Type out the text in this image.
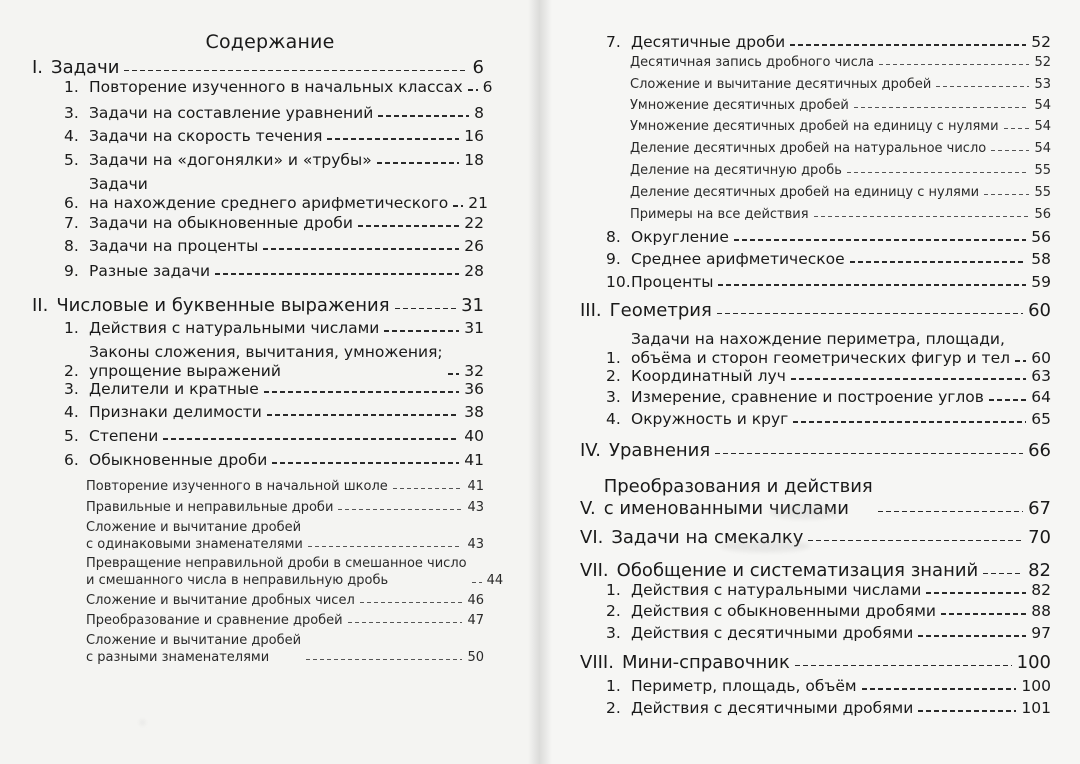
Содержание
I. Задачи	6
1. Повторение изученного в начальных классах 6
3. Задачи на составление уравнений	8
4. Задачи на скорость течения	16
5. Задачи на «догонялки» и «трубы»	18
6.
Задачи
на нахождение среднего арифметического 21
7. Задачи на обыкновенные дроби	22
8. Задачи на проценты	26
9. Разные задачи	28
II. Числовые и буквенные выражения	31
1. Действия с натуральными числами	31
2.
Законы сложения, вычитания, умножения;
упрощение выражений	32
3. Делители и кратные	36
4. Признаки делимости	38
5. Степени	40
6. Обыкновенные дроби	41
Повторение изученного в начальной школе	41
Правильные и неправильные дроби	43
Сложение и вычитание дробей
с одинаковыми знаменателями	43
Превращение неправильной дроби в смешанное число
и смешанного числа в неправильную дробь	44
Сложение и вычитание дробных чисел	46
Преобразование и сравнение дробей	47
Сложение и вычитание дробей
с разными знаменателями	50
7. Десятичные дроби	52
Десятичная запись дробного числа	52
Сложение и вычитание десятичных дробей	53
Умножение десятичных дробей	54
Умножение десятичных дробей на единицу с нулями	54
Деление десятичных дробей на натуральное число	54
Деление на десятичную дробь	55
Деление десятичных дробей на единицу с нулями	55
Примеры на все действия	56
8. Округление	56
9. Среднее арифметическое	58
10. Проценты	59
III. Геометрия	60
1.
Задачи на нахождение периметра, площади,
объёма и сторон геометрических фигур и тел 60
2. Координатный луч	63
3. Измерение, сравнение и построение углов	64
4. Окружность и круг	65
IV. Уравнения	66
V.
Преобразования и действия
с именованными числами	67
VI. Задачи на смекалку	70
VII. Обобщение и систематизация знаний	82
1. Действия с натуральными числами	82
2. Действия с обыкновенными дробями	88
3. Действия с десятичными дробями	97
VIII. Мини-справочник	100
1. Периметр, площадь, объём	100
2. Действия с десятичными дробями	101
